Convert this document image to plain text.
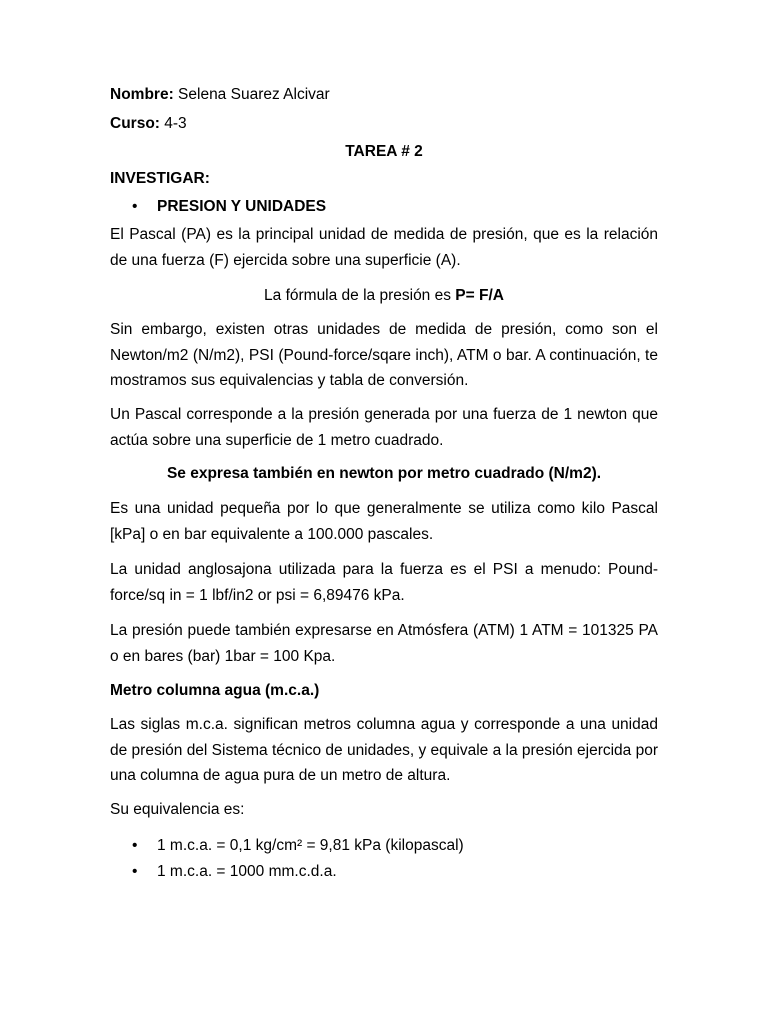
Nombre: Selena Suarez Alcivar

Curso: 4-3

TAREA # 2

INVESTIGAR:

•	PRESION Y UNIDADES

El Pascal (PA) es la principal unidad de medida de presión, que es la relación de una fuerza (F) ejercida sobre una superficie (A).

La fórmula de la presión es P= F/A

Sin embargo, existen otras unidades de medida de presión, como son el Newton/m2 (N/m2), PSI (Pound-force/sqare inch), ATM o bar. A continuación, te mostramos sus equivalencias y tabla de conversión.

Un Pascal corresponde a la presión generada por una fuerza de 1 newton que actúa sobre una superficie de 1 metro cuadrado.

Se expresa también en newton por metro cuadrado (N/m2).

Es una unidad pequeña por lo que generalmente se utiliza como kilo Pascal [kPa] o en bar equivalente a 100.000 pascales.

La unidad anglosajona utilizada para la fuerza es el PSI a menudo: Pound-force/sq in = 1 lbf/in2 or psi = 6,89476 kPa.

La presión puede también expresarse en Atmósfera (ATM) 1 ATM = 101325 PA o en bares (bar) 1bar = 100 Kpa.

Metro columna agua (m.c.a.)

Las siglas m.c.a. significan metros columna agua y corresponde a una unidad de presión del Sistema técnico de unidades, y equivale a la presión ejercida por una columna de agua pura de un metro de altura.

Su equivalencia es:

•	1 m.c.a. = 0,1 kg/cm² = 9,81 kPa (kilopascal)
•	1 m.c.a. = 1000 mm.c.d.a.
